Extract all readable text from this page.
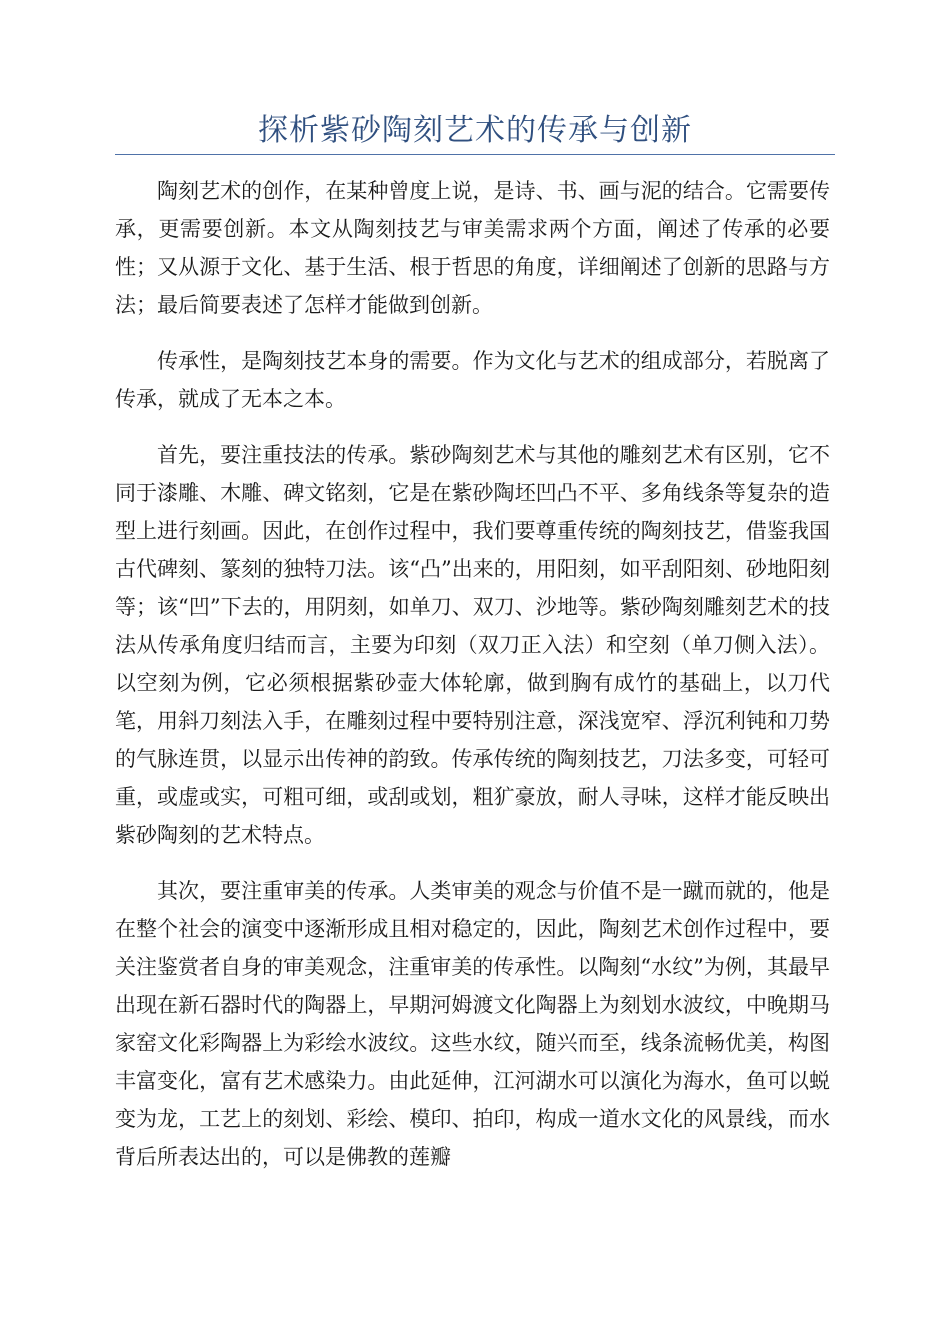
探析紫砂陶刻艺术的传承与创新

陶刻艺术的创作，在某种曾度上说，是诗、书、画与泥的结合。它需要传承，更需要创新。本文从陶刻技艺与审美需求两个方面，阐述了传承的必要性；又从源于文化、基于生活、根于哲思的角度，详细阐述了创新的思路与方法；最后简要表述了怎样才能做到创新。

传承性，是陶刻技艺本身的需要。作为文化与艺术的组成部分，若脱离了传承，就成了无本之本。

首先，要注重技法的传承。紫砂陶刻艺术与其他的雕刻艺术有区别，它不同于漆雕、木雕、碑文铭刻，它是在紫砂陶坯凹凸不平、多角线条等复杂的造型上进行刻画。因此，在创作过程中，我们要尊重传统的陶刻技艺，借鉴我国古代碑刻、篆刻的独特刀法。该“凸”出来的，用阳刻，如平刮阳刻、砂地阳刻等；该“凹”下去的，用阴刻，如单刀、双刀、沙地等。紫砂陶刻雕刻艺术的技法从传承角度归结而言，主要为印刻（双刀正入法）和空刻（单刀侧入法）。以空刻为例，它必须根据紫砂壶大体轮廓，做到胸有成竹的基础上，以刀代笔，用斜刀刻法入手，在雕刻过程中要特别注意，深浅宽窄、浮沉利钝和刀势的气脉连贯，以显示出传神的韵致。传承传统的陶刻技艺，刀法多变，可轻可重，或虚或实，可粗可细，或刮或划，粗犷豪放，耐人寻味，这样才能反映出紫砂陶刻的艺术特点。

其次，要注重审美的传承。人类审美的观念与价值不是一蹴而就的，他是在整个社会的演变中逐渐形成且相对稳定的，因此，陶刻艺术创作过程中，要关注鉴赏者自身的审美观念，注重审美的传承性。以陶刻“水纹”为例，其最早出现在新石器时代的陶器上，早期河姆渡文化陶器上为刻划水波纹，中晚期马家窑文化彩陶器上为彩绘水波纹。这些水纹，随兴而至，线条流畅优美，构图丰富变化，富有艺术感染力。由此延伸，江河湖水可以演化为海水，鱼可以蜕变为龙，工艺上的刻划、彩绘、模印、拍印，构成一道水文化的风景线，而水背后所表达出的，可以是佛教的莲瓣
